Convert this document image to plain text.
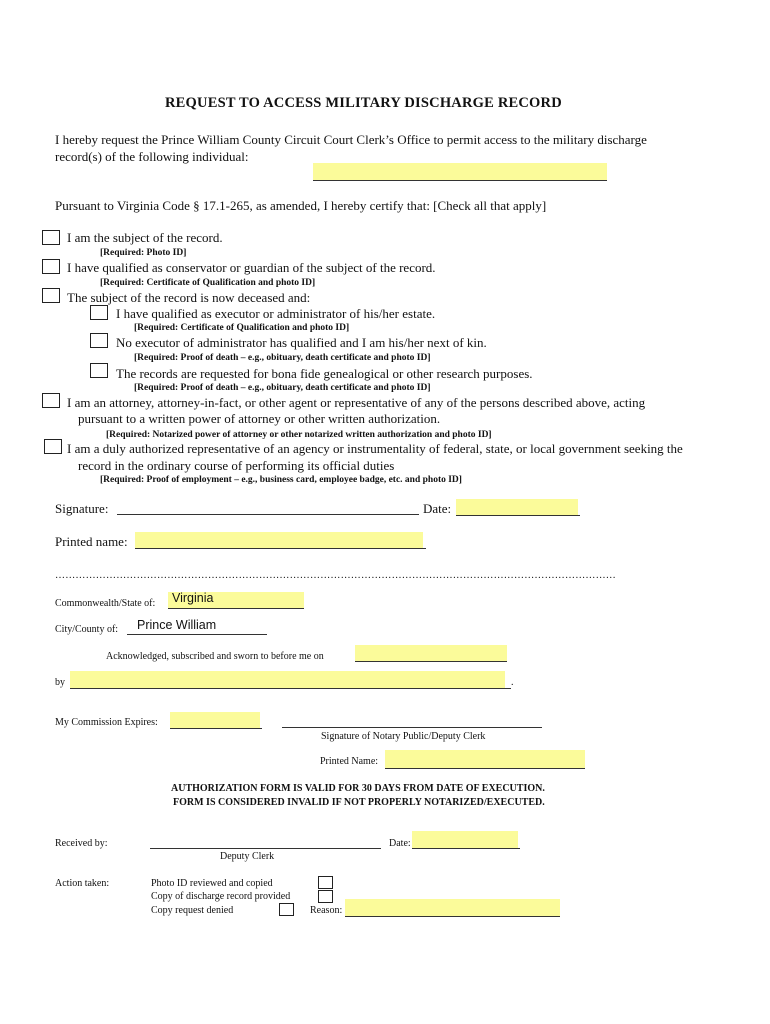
REQUEST TO ACCESS MILITARY DISCHARGE RECORD
I hereby request the Prince William County Circuit Court Clerk’s Office to permit access to the military discharge
record(s) of the following individual:
Pursuant to Virginia Code § 17.1-265, as amended, I hereby certify that: [Check all that apply]
I am the subject of the record.
[Required: Photo ID]
I have qualified as conservator or guardian of the subject of the record.
[Required: Certificate of Qualification and photo ID]
The subject of the record is now deceased and:
I have qualified as executor or administrator of his/her estate.
[Required: Certificate of Qualification and photo ID]
No executor of administrator has qualified and I am his/her next of kin.
[Required: Proof of death – e.g., obituary, death certificate and photo ID]
The records are requested for bona fide genealogical or other research purposes.
[Required: Proof of death – e.g., obituary, death certificate and photo ID]
I am an attorney, attorney-in-fact, or other agent or representative of any of the persons described above, acting
pursuant to a written power of attorney or other written authorization.
[Required: Notarized power of attorney or other notarized written authorization and photo ID]
I am a duly authorized representative of an agency or instrumentality of federal, state, or local government seeking the
record in the ordinary course of performing its official duties
[Required: Proof of employment – e.g., business card, employee badge, etc. and photo ID]
Signature:	Date:
Printed name:
…………………………………………………………………………………………………………………………………………………
Commonwealth/State of: Virginia
City/County of: Prince William
Acknowledged, subscribed and sworn to before me on
by	.
My Commission Expires:
Signature of Notary Public/Deputy Clerk
Printed Name:
AUTHORIZATION FORM IS VALID FOR 30 DAYS FROM DATE OF EXECUTION.
FORM IS CONSIDERED INVALID IF NOT PROPERLY NOTARIZED/EXECUTED.
Received by:	Date:
Deputy Clerk
Action taken:	Photo ID reviewed and copied
Copy of discharge record provided
Copy request denied	Reason:
